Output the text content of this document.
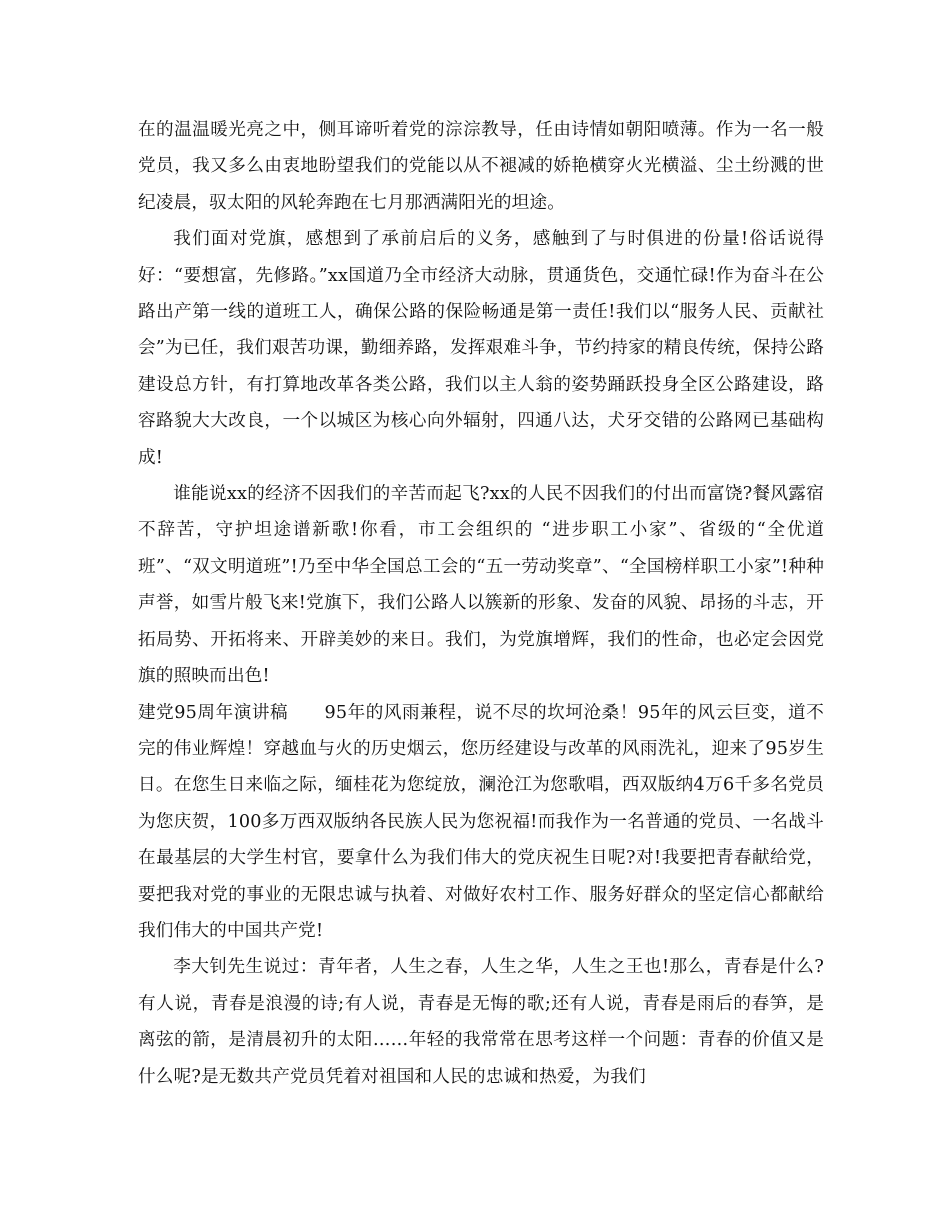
在的温温暖光亮之中，侧耳谛听着党的淙淙教导，任由诗情如朝阳喷薄。作为一名一般党员，我又多么由衷地盼望我们的党能以从不褪减的娇艳横穿火光横溢、尘土纷溅的世纪凌晨，驭太阳的风轮奔跑在七月那洒满阳光的坦途。

我们面对党旗，感想到了承前启后的义务，感触到了与时俱进的份量!俗话说得好：“要想富，先修路。”xx国道乃全市经济大动脉，贯通货色，交通忙碌!作为奋斗在公路出产第一线的道班工人，确保公路的保险畅通是第一责任!我们以“服务人民、贡献社会”为已任，我们艰苦功课，勤细养路，发挥艰难斗争，节约持家的精良传统，保持公路建设总方针，有打算地改革各类公路，我们以主人翁的姿势踊跃投身全区公路建设，路容路貌大大改良，一个以城区为核心向外辐射，四通八达，犬牙交错的公路网已基础构成!

谁能说xx的经济不因我们的辛苦而起飞?xx的人民不因我们的付出而富饶?餐风露宿不辞苦，守护坦途谱新歌!你看，市工会组织的 “进步职工小家”、省级的“全优道班”、“双文明道班”!乃至中华全国总工会的“五一劳动奖章”、“全国榜样职工小家”!种种声誉，如雪片般飞来!党旗下，我们公路人以簇新的形象、发奋的风貌、昂扬的斗志，开拓局势、开拓将来、开辟美妙的来日。我们，为党旗增辉，我们的性命，也必定会因党旗的照映而出色!

建党95周年演讲稿　　95年的风雨兼程，说不尽的坎坷沧桑！95年的风云巨变，道不完的伟业辉煌！穿越血与火的历史烟云，您历经建设与改革的风雨洗礼，迎来了95岁生日。在您生日来临之际，缅桂花为您绽放，澜沧江为您歌唱，西双版纳4万6千多名党员为您庆贺，100多万西双版纳各民族人民为您祝福!而我作为一名普通的党员、一名战斗在最基层的大学生村官，要拿什么为我们伟大的党庆祝生日呢?对!我要把青春献给党，要把我对党的事业的无限忠诚与执着、对做好农村工作、服务好群众的坚定信心都献给我们伟大的中国共产党!

李大钊先生说过：青年者，人生之春，人生之华，人生之王也!那么，青春是什么?有人说，青春是浪漫的诗;有人说，青春是无悔的歌;还有人说，青春是雨后的春笋，是离弦的箭，是清晨初升的太阳……年轻的我常常在思考这样一个问题：青春的价值又是什么呢?是无数共产党员凭着对祖国和人民的忠诚和热爱，为我们
